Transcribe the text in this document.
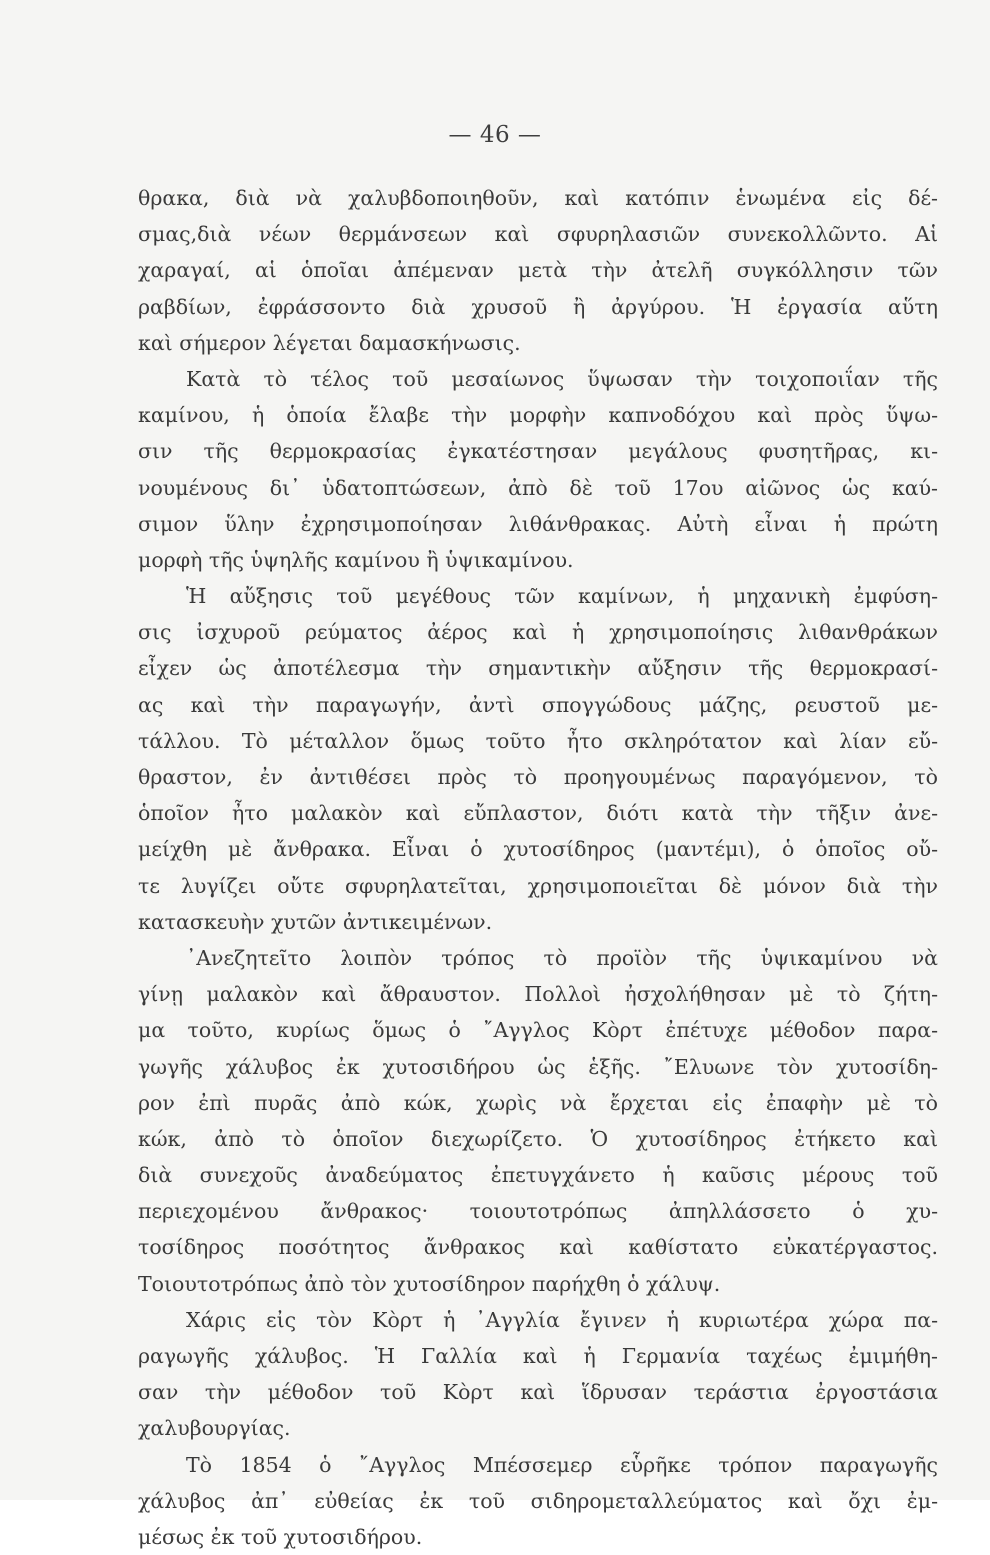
— 46 —
θρακα, διὰ νὰ χαλυβδοποιηθοῦν, καὶ κατόπιν ἑνωμένα εἰς δέ-
σμας,διὰ νέων θερμάνσεων καὶ σφυρηλασιῶν συνεκολλῶντο. Αἱ
χαραγαί, αἱ ὁποῖαι ἀπέμεναν μετὰ τὴν ἀτελῆ συγκόλλησιν τῶν
ραβδίων, ἐφράσσοντο διὰ χρυσοῦ ἢ ἀργύρου. Ἡ ἐργασία αὕτη
καὶ σήμερον λέγεται δαμασκήνωσις.
Κατὰ τὸ τέλος τοῦ μεσαίωνος ὕψωσαν τὴν τοιχοποιΐαν τῆς
καμίνου, ἡ ὁποία ἔλαβε τὴν μορφὴν καπνοδόχου καὶ πρὸς ὕψω-
σιν τῆς θερμοκρασίας ἐγκατέστησαν μεγάλους φυσητῆρας, κι-
νουμένους δι᾿ ὑδατοπτώσεων, ἀπὸ δὲ τοῦ 17ου αἰῶνος ὡς καύ-
σιμον ὕλην ἐχρησιμοποίησαν λιθάνθρακας. Αὐτὴ εἶναι ἡ πρώτη
μορφὴ τῆς ὑψηλῆς καμίνου ἢ ὑψικαμίνου.
Ἡ αὔξησις τοῦ μεγέθους τῶν καμίνων, ἡ μηχανικὴ ἐμφύση-
σις ἰσχυροῦ ρεύματος ἀέρος καὶ ἡ χρησιμοποίησις λιθανθράκων
εἶχεν ὡς ἀποτέλεσμα τὴν σημαντικὴν αὔξησιν τῆς θερμοκρασί-
ας καὶ τὴν παραγωγήν, ἀντὶ σπογγώδους μάζης, ρευστοῦ με-
τάλλου. Τὸ μέταλλον ὅμως τοῦτο ἦτο σκληρότατον καὶ λίαν εὔ-
θραστον, ἐν ἀντιθέσει πρὸς τὸ προηγουμένως παραγόμενον, τὸ
ὁποῖον ἦτο μαλακὸν καὶ εὔπλαστον, διότι κατὰ τὴν τῆξιν ἀνε-
μείχθη μὲ ἄνθρακα. Εἶναι ὁ χυτοσίδηρος (μαντέμι), ὁ ὁποῖος οὔ-
τε λυγίζει οὔτε σφυρηλατεῖται, χρησιμοποιεῖται δὲ μόνον διὰ τὴν
κατασκευὴν χυτῶν ἀντικειμένων.
᾿Ανεζητεῖτο λοιπὸν τρόπος τὸ προϊὸν τῆς ὑψικαμίνου νὰ
γίνῃ μαλακὸν καὶ ἄθραυστον. Πολλοὶ ἠσχολήθησαν μὲ τὸ ζήτη-
μα τοῦτο, κυρίως ὅμως ὁ ῎Αγγλος Κὸρτ ἐπέτυχε μέθοδον παρα-
γωγῆς χάλυβος ἐκ χυτοσιδήρου ὡς ἑξῆς. ῎Ελυωνε τὸν χυτοσίδη-
ρον ἐπὶ πυρᾶς ἀπὸ κώκ, χωρὶς νὰ ἔρχεται εἰς ἐπαφὴν μὲ τὸ
κώκ, ἀπὸ τὸ ὁποῖον διεχωρίζετο. Ὁ χυτοσίδηρος ἐτήκετο καὶ
διὰ συνεχοῦς ἀναδεύματος ἐπετυγχάνετο ἡ καῦσις μέρους τοῦ
περιεχομένου ἄνθρακος· τοιουτοτρόπως ἀπηλλάσσετο ὁ χυ-
τοσίδηρος ποσότητος ἄνθρακος καὶ καθίστατο εὐκατέργαστος.
Τοιουτοτρόπως ἀπὸ τὸν χυτοσίδηρον παρήχθη ὁ χάλυψ.
Χάρις εἰς τὸν Κὸρτ ἡ ᾿Αγγλία ἔγινεν ἡ κυριωτέρα χώρα πα-
ραγωγῆς χάλυβος. Ἡ Γαλλία καὶ ἡ Γερμανία ταχέως ἐμιμήθη-
σαν τὴν μέθοδον τοῦ Κὸρτ καὶ ἵδρυσαν τεράστια ἐργοστάσια
χαλυβουργίας.
Τὸ 1854 ὁ ῎Αγγλος Μπέσσεμερ εὗρῆκε τρόπον παραγωγῆς
χάλυβος ἀπ᾿ εὐθείας ἐκ τοῦ σιδηρομεταλλεύματος καὶ ὄχι ἐμ-
μέσως ἐκ τοῦ χυτοσιδήρου.
